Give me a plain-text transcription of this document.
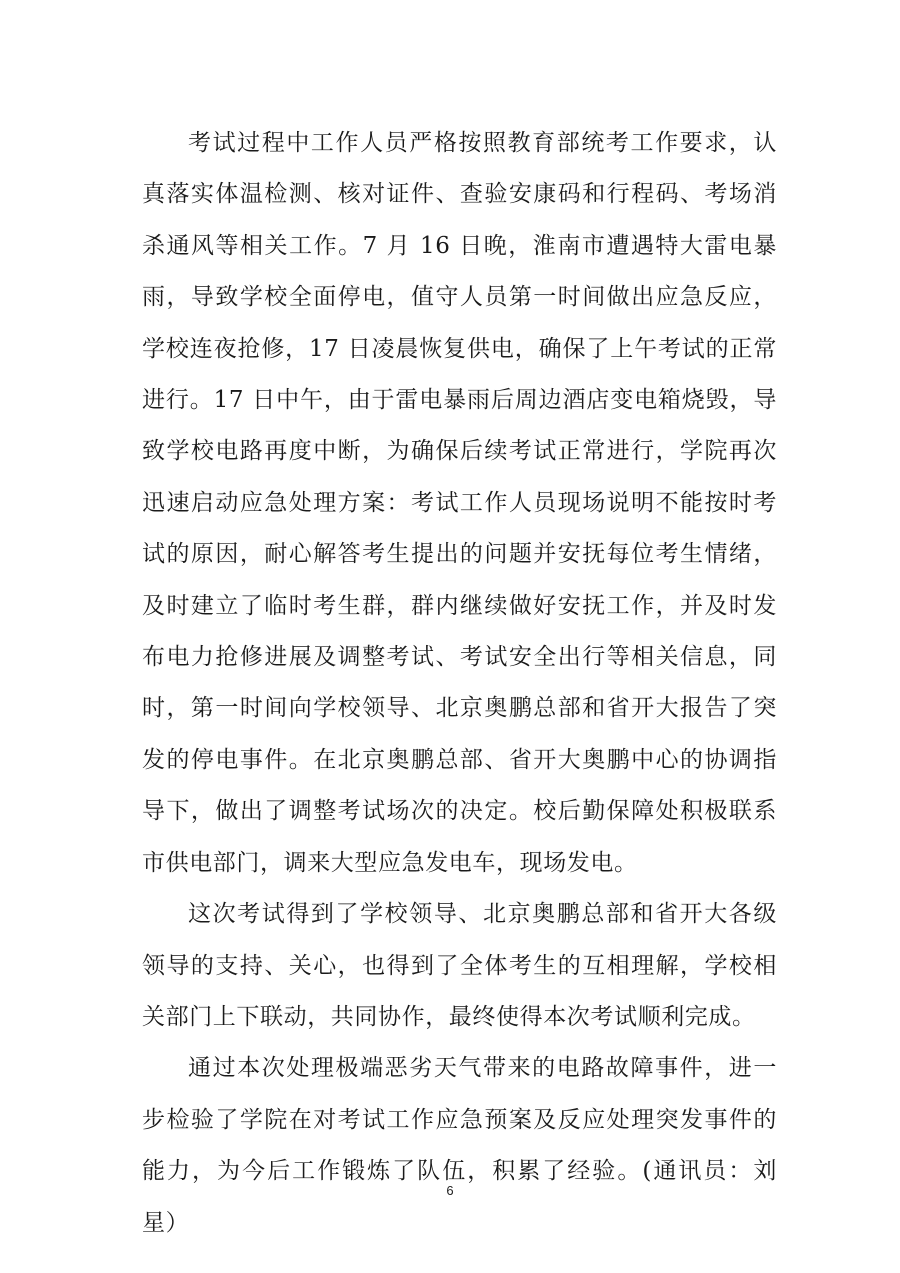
考试过程中工作人员严格按照教育部统考工作要求，认真落实体温检测、核对证件、查验安康码和行程码、考场消杀通风等相关工作。7 月 16 日晚，淮南市遭遇特大雷电暴雨，导致学校全面停电，值守人员第一时间做出应急反应，学校连夜抢修，17 日凌晨恢复供电，确保了上午考试的正常进行。17 日中午，由于雷电暴雨后周边酒店变电箱烧毁，导致学校电路再度中断，为确保后续考试正常进行，学院再次迅速启动应急处理方案：考试工作人员现场说明不能按时考试的原因，耐心解答考生提出的问题并安抚每位考生情绪，及时建立了临时考生群，群内继续做好安抚工作，并及时发布电力抢修进展及调整考试、考试安全出行等相关信息，同时，第一时间向学校领导、北京奥鹏总部和省开大报告了突发的停电事件。在北京奥鹏总部、省开大奥鹏中心的协调指导下，做出了调整考试场次的决定。校后勤保障处积极联系市供电部门，调来大型应急发电车，现场发电。

这次考试得到了学校领导、北京奥鹏总部和省开大各级领导的支持、关心，也得到了全体考生的互相理解，学校相关部门上下联动，共同协作，最终使得本次考试顺利完成。

通过本次处理极端恶劣天气带来的电路故障事件，进一步检验了学院在对考试工作应急预案及反应处理突发事件的能力，为今后工作锻炼了队伍，积累了经验。(通讯员：刘星）

6
